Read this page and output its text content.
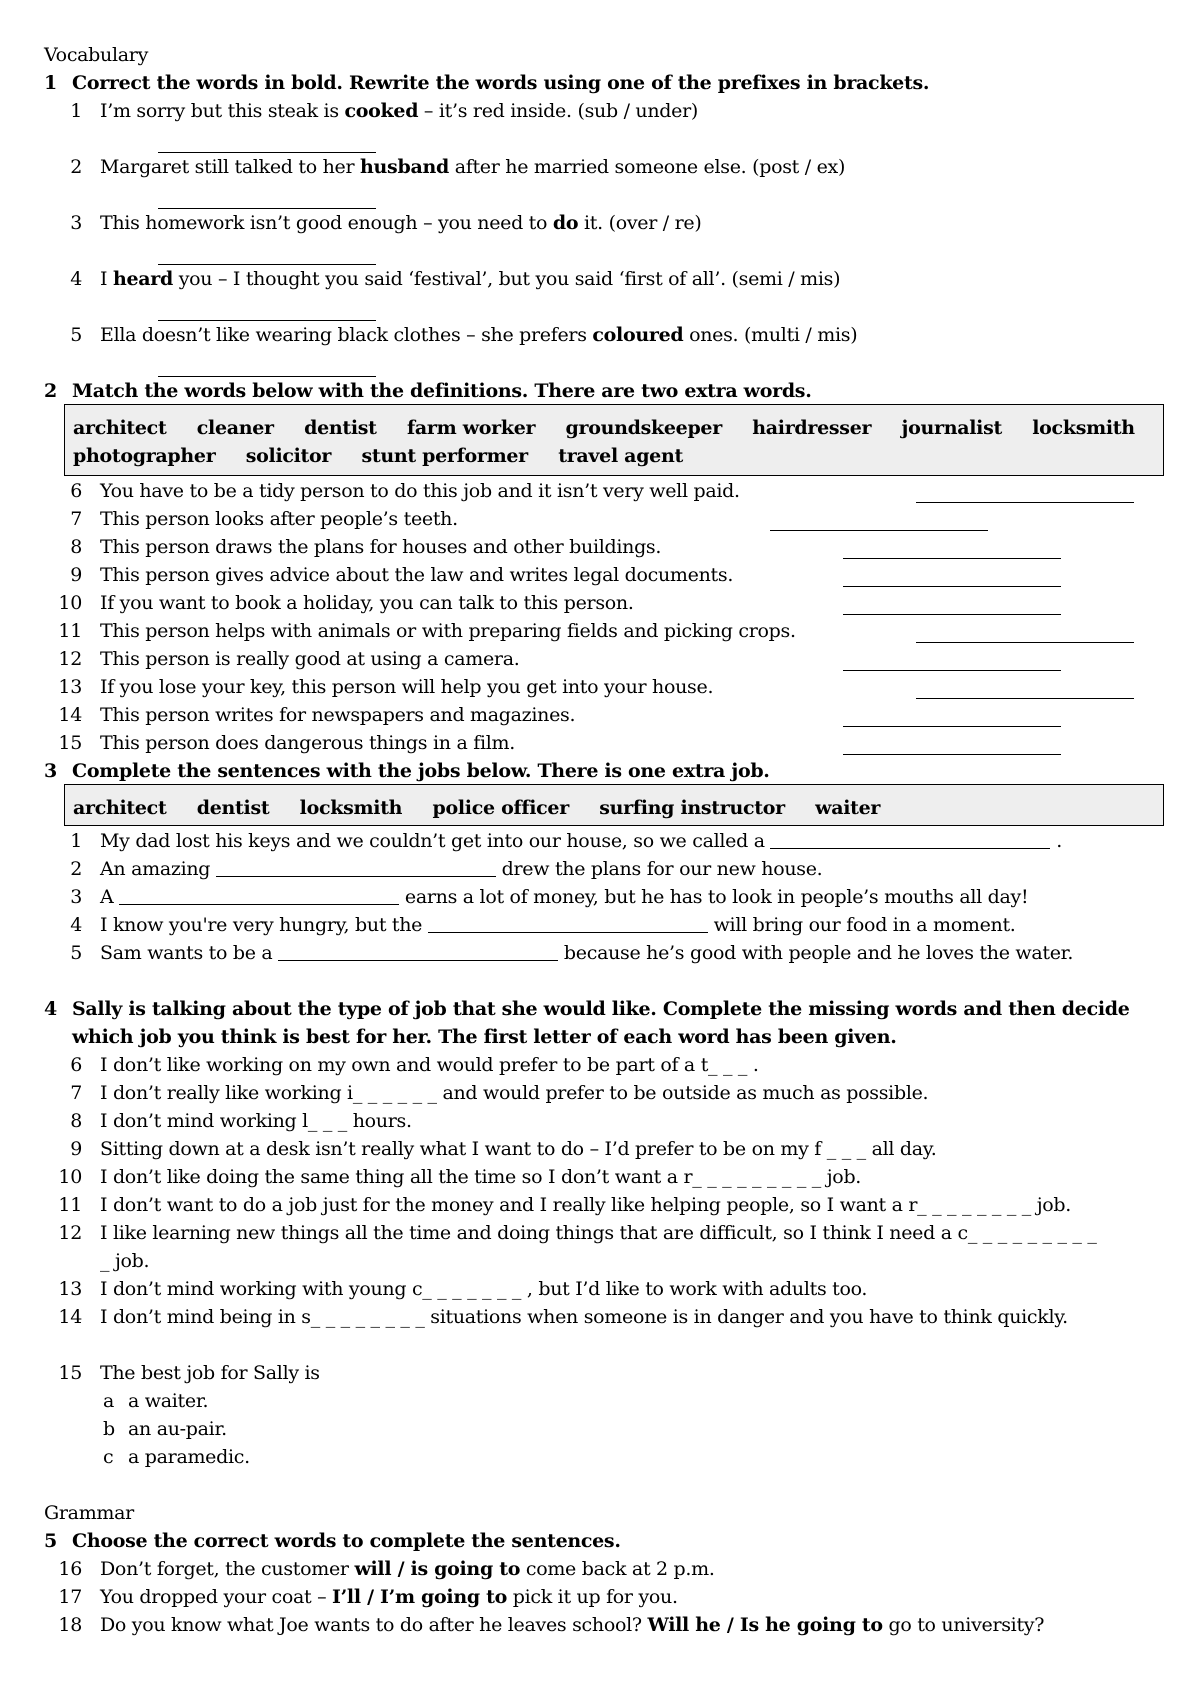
Vocabulary
1 Correct the words in bold. Rewrite the words using one of the prefixes in brackets.
1 I’m sorry but this steak is cooked – it’s red inside. (sub / under)
2 Margaret still talked to her husband after he married someone else. (post / ex)
3 This homework isn’t good enough – you need to do it. (over / re)
4 I heard you – I thought you said ‘festival’, but you said ‘first of all’. (semi / mis)
5 Ella doesn’t like wearing black clothes – she prefers coloured ones. (multi / mis)
2 Match the words below with the definitions. There are two extra words.
architect cleaner dentist farm worker groundskeeper hairdresser journalist locksmith
photographer solicitor stunt performer travel agent
6 You have to be a tidy person to do this job and it isn’t very well paid.
7 This person looks after people’s teeth.
8 This person draws the plans for houses and other buildings.
9 This person gives advice about the law and writes legal documents.
10 If you want to book a holiday, you can talk to this person.
11 This person helps with animals or with preparing fields and picking crops.
12 This person is really good at using a camera.
13 If you lose your key, this person will help you get into your house.
14 This person writes for newspapers and magazines.
15 This person does dangerous things in a film.
3 Complete the sentences with the jobs below. There is one extra job.
architect dentist locksmith police officer surfing instructor waiter
1 My dad lost his keys and we couldn’t get into our house, so we called a	.
2 An amazing	drew the plans for our new house.
3 A	earns a lot of money, but he has to look in people’s mouths all day!
4 I know you're very hungry, but the	will bring our food in a moment.
5 Sam wants to be a	because he’s good with people and he loves the water.
4 Sally is talking about the type of job that she would like. Complete the missing words and then decide
which job you think is best for her. The first letter of each word has been given.
6 I don’t like working on my own and would prefer to be part of a t_ _ _ .
7 I don’t really like working i_ _ _ _ _ _ and would prefer to be outside as much as possible.
8 I don’t mind working l_ _ _ hours.
9 Sitting down at a desk isn’t really what I want to do – I’d prefer to be on my f _ _ _ all day.
10 I don’t like doing the same thing all the time so I don’t want a r_ _ _ _ _ _ _ _ _ job.
11 I don’t want to do a job just for the money and I really like helping people, so I want a r_ _ _ _ _ _ _ _ job.
12 I like learning new things all the time and doing things that are difficult, so I think I need a c_ _ _ _ _ _ _ _ _
_ job.
13 I don’t mind working with young c_ _ _ _ _ _ _ , but I’d like to work with adults too.
14 I don’t mind being in s_ _ _ _ _ _ _ _ situations when someone is in danger and you have to think quickly.
15 The best job for Sally is
a a waiter.
b an au-pair.
c a paramedic.
Grammar
5 Choose the correct words to complete the sentences.
16 Don’t forget, the customer will / is going to come back at 2 p.m.
17 You dropped your coat – I’ll / I’m going to pick it up for you.
18 Do you know what Joe wants to do after he leaves school? Will he / Is he going to go to university?
